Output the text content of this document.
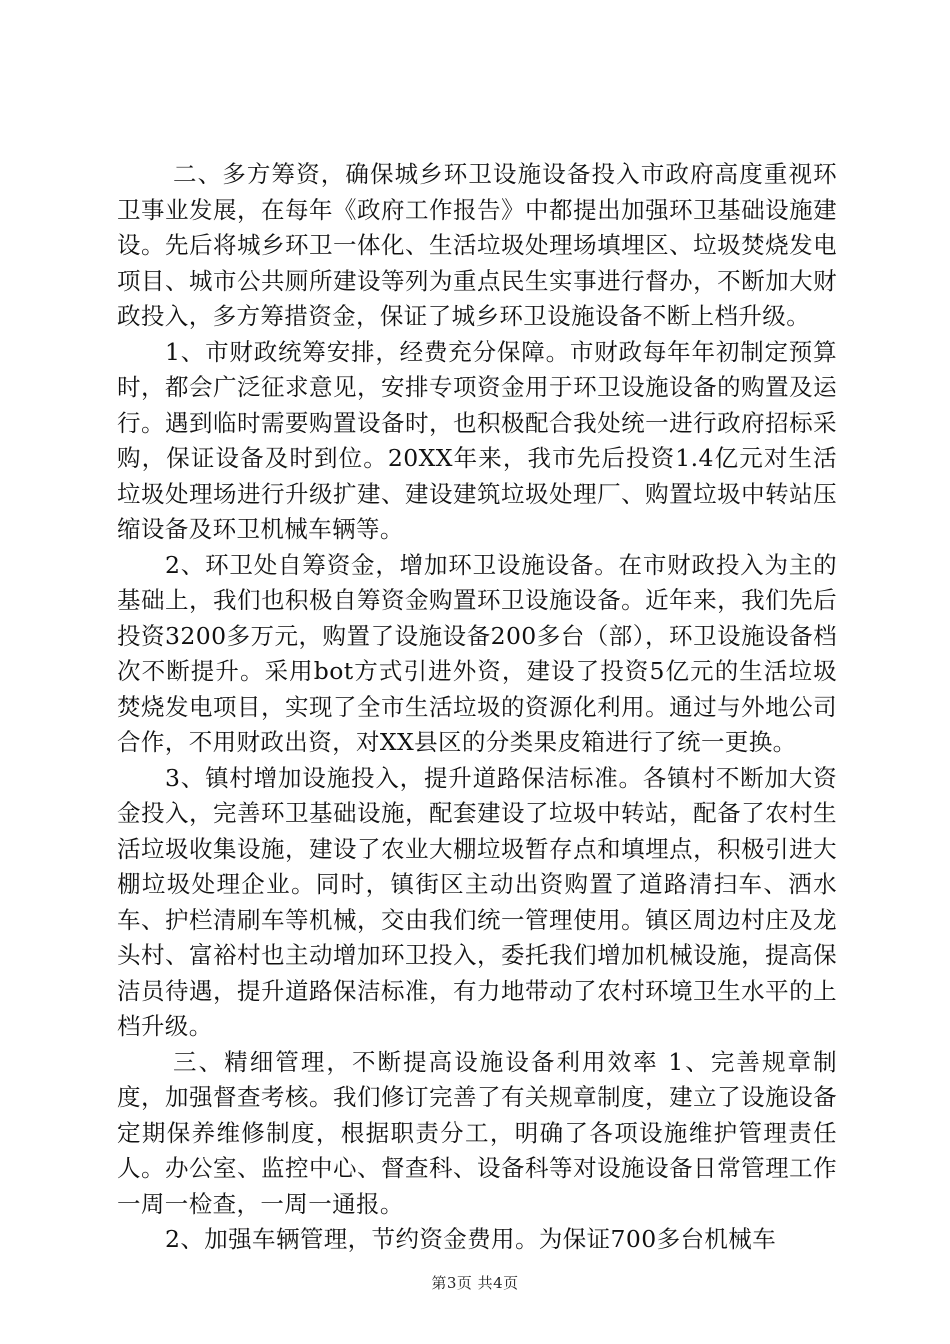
二、多方筹资，确保城乡环卫设施设备投入市政府高度重视环卫事业发展，在每年《政府工作报告》中都提出加强环卫基础设施建设。先后将城乡环卫一体化、生活垃圾处理场填埋区、垃圾焚烧发电项目、城市公共厕所建设等列为重点民生实事进行督办，不断加大财政投入，多方筹措资金，保证了城乡环卫设施设备不断上档升级。

1、市财政统筹安排，经费充分保障。市财政每年年初制定预算时，都会广泛征求意见，安排专项资金用于环卫设施设备的购置及运行。遇到临时需要购置设备时，也积极配合我处统一进行政府招标采购，保证设备及时到位。20XX年来，我市先后投资1.4亿元对生活垃圾处理场进行升级扩建、建设建筑垃圾处理厂、购置垃圾中转站压缩设备及环卫机械车辆等。

2、环卫处自筹资金，增加环卫设施设备。在市财政投入为主的基础上，我们也积极自筹资金购置环卫设施设备。近年来，我们先后投资3200多万元，购置了设施设备200多台（部），环卫设施设备档次不断提升。采用bot方式引进外资，建设了投资5亿元的生活垃圾焚烧发电项目，实现了全市生活垃圾的资源化利用。通过与外地公司合作，不用财政出资，对XX县区的分类果皮箱进行了统一更换。

3、镇村增加设施投入，提升道路保洁标准。各镇村不断加大资金投入，完善环卫基础设施，配套建设了垃圾中转站，配备了农村生活垃圾收集设施，建设了农业大棚垃圾暂存点和填埋点，积极引进大棚垃圾处理企业。同时，镇街区主动出资购置了道路清扫车、洒水车、护栏清刷车等机械，交由我们统一管理使用。镇区周边村庄及龙头村、富裕村也主动增加环卫投入，委托我们增加机械设施，提高保洁员待遇，提升道路保洁标准，有力地带动了农村环境卫生水平的上档升级。

三、精细管理，不断提高设施设备利用效率 1、完善规章制度，加强督查考核。我们修订完善了有关规章制度，建立了设施设备定期保养维修制度，根据职责分工，明确了各项设施维护管理责任人。办公室、监控中心、督查科、设备科等对设施设备日常管理工作一周一检查，一周一通报。

2、加强车辆管理，节约资金费用。为保证700多台机械车

第3页 共4页
